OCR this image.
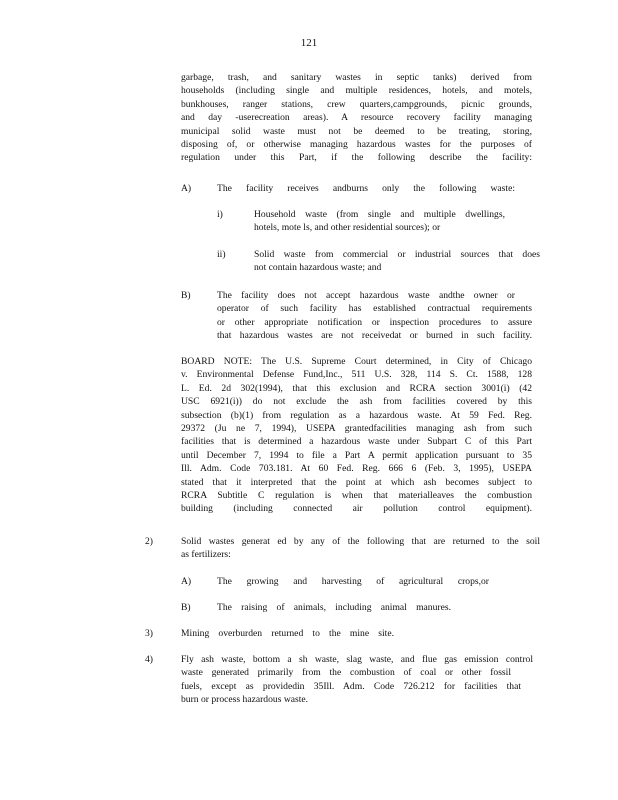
121
garbage, trash, and sanitary wastes in septic tanks) derived from
households (including single and multiple residences, hotels, and motels,
bunkhouses, ranger stations, crew quarters,campgrounds, picnic grounds,
and day -userecreation areas). A resource recovery facility managing
municipal solid waste must not be deemed to be treating, storing,
disposing of, or otherwise managing hazardous wastes for the purposes of
regulation under this Part, if the following describe the facility:
A)	The facility receives andburns only the following waste:
i)	Household waste (from single and multiple dwellings,
hotels, mote ls, and other residential sources); or
ii)	Solid waste from commercial or industrial sources that does
not contain hazardous waste; and
B)	The facility does not accept hazardous waste andthe owner or
operator of such facility has established contractual requirements
or other appropriate notification or inspection procedures to assure
that hazardous wastes are not receivedat or burned in such facility.
BOARD NOTE: The U.S. Supreme Court determined, in City of Chicago
v. Environmental Defense Fund,Inc., 511 U.S. 328, 114 S. Ct. 1588, 128
L. Ed. 2d 302(1994), that this exclusion and RCRA section 3001(i) (42
USC 6921(i)) do not exclude the ash from facilities covered by this
subsection (b)(1) from regulation as a hazardous waste. At 59 Fed. Reg.
29372 (Ju ne 7, 1994), USEPA grantedfacilities managing ash from such
facilities that is determined a hazardous waste under Subpart C of this Part
until December 7, 1994 to file a Part A permit application pursuant to 35
Ill. Adm. Code 703.181. At 60 Fed. Reg. 666 6 (Feb. 3, 1995), USEPA
stated that it interpreted that the point at which ash becomes subject to
RCRA Subtitle C regulation is when that materialleaves the combustion
building (including connected air pollution control equipment).
2)	Solid wastes generat ed by any of the following that are returned to the soil
as fertilizers:
A)	The growing and harvesting of agricultural crops,or
B)	The raising of animals, including animal manures.
3)	Mining overburden returned to the mine site.
4)	Fly ash waste, bottom a sh waste, slag waste, and flue gas emission control
waste generated primarily from the combustion of coal or other fossil
fuels, except as providedin 35Ill. Adm. Code 726.212 for facilities that
burn or process hazardous waste.
